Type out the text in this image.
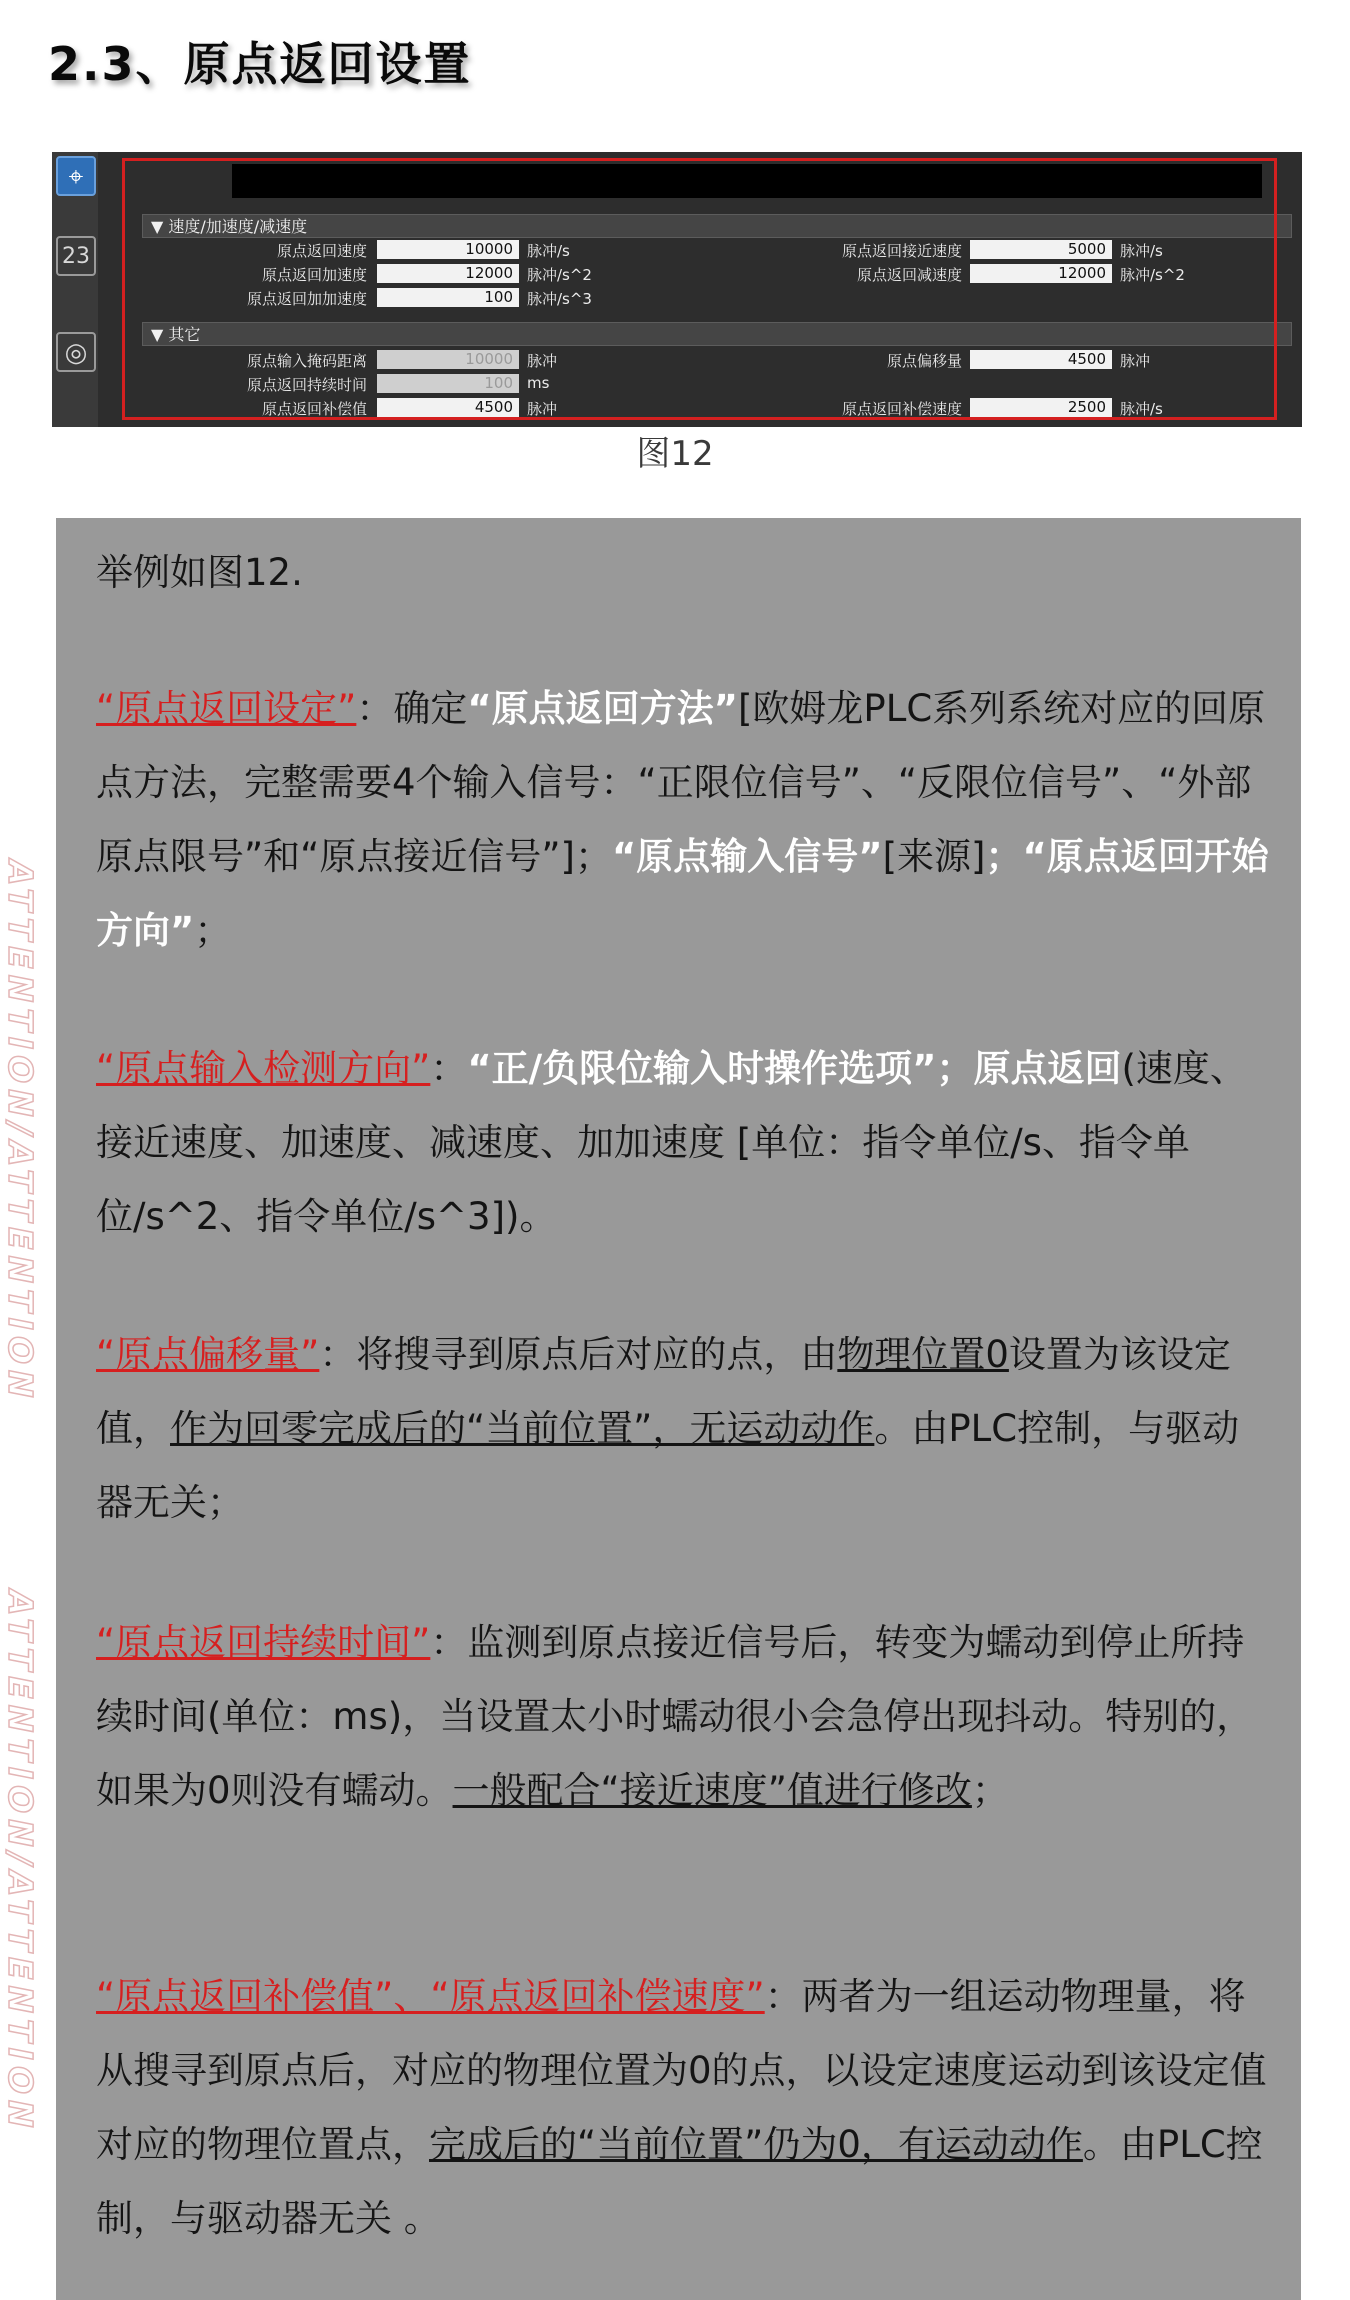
2.3、原点返回设置
⌖
23
◎
▼ 速度/加速度/减速度
原点返回速度	10000 脉冲/s	原点返回接近速度	5000 脉冲/s
原点返回加速度	12000 脉冲/s^2	原点返回减速度	12000 脉冲/s^2
原点返回加加速度	100 脉冲/s^3
▼ 其它
原点输入掩码距离	10000 脉冲	原点偏移量	4500 脉冲
原点返回持续时间	100 ms
原点返回补偿值	4500 脉冲	原点返回补偿速度	2500 脉冲/s
图12
ATTENTION/ATTENTION
ATTENTION/ATTENTION
举例如图12.
“原点返回设定”：确定“原点返回方法”[欧姆龙PLC系列系统对应的回原点方法，完整需要4个输入信号：“正限位信号”、“反限位信号”、“外部原点限号”和“原点接近信号”]；“原点输入信号”[来源]；“原点返回开始方向”；
“原点输入检测方向”：“正/负限位输入时操作选项”；原点返回(速度、接近速度、加速度、减速度、加加速度 [单位：指令单位/s、指令单位/s^2、指令单位/s^3])。
“原点偏移量”：将搜寻到原点后对应的点，由物理位置0设置为该设定值，作为回零完成后的“当前位置”，无运动动作。由PLC控制，与驱动器无关；
“原点返回持续时间”：监测到原点接近信号后，转变为蠕动到停止所持续时间(单位：ms)，当设置太小时蠕动很小会急停出现抖动。特别的，如果为0则没有蠕动。一般配合“接近速度”值进行修改；
“原点返回补偿值”、“原点返回补偿速度”：两者为一组运动物理量，将从搜寻到原点后，对应的物理位置为0的点，以设定速度运动到该设定值对应的物理位置点，完成后的“当前位置”仍为0，有运动动作。由PLC控制，与驱动器无关 。
